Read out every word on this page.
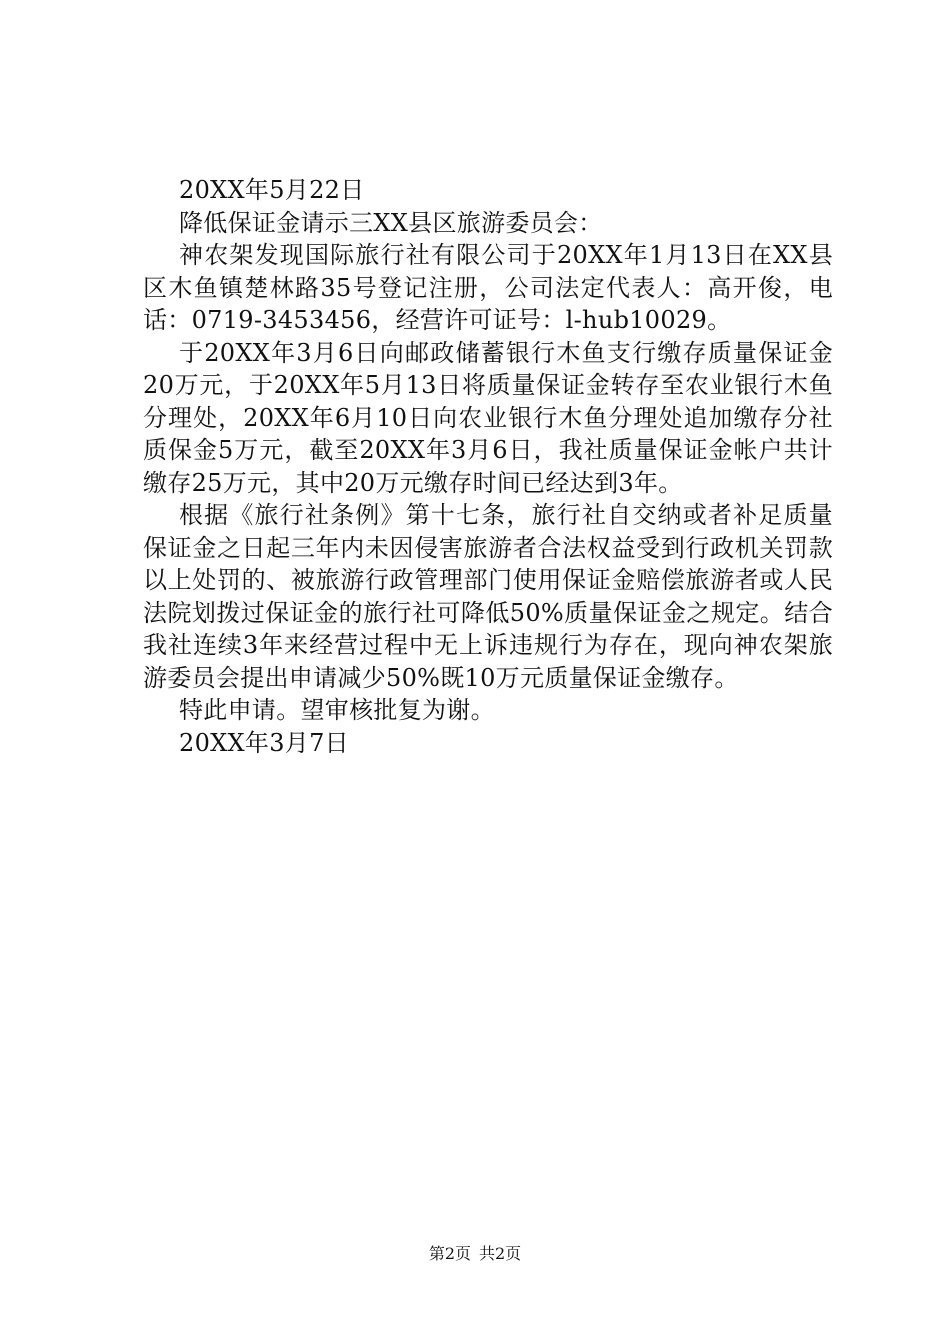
20XX年5月22日

降低保证金请示三XX县区旅游委员会：

神农架发现国际旅行社有限公司于20XX年1月13日在XX县区木鱼镇楚林路35号登记注册，公司法定代表人：高开俊，电话：0719-3453456，经营许可证号：l-hub10029。

于20XX年3月6日向邮政储蓄银行木鱼支行缴存质量保证金20万元，于20XX年5月13日将质量保证金转存至农业银行木鱼分理处，20XX年6月10日向农业银行木鱼分理处追加缴存分社质保金5万元，截至20XX年3月6日，我社质量保证金帐户共计缴存25万元，其中20万元缴存时间已经达到3年。

根据《旅行社条例》第十七条，旅行社自交纳或者补足质量保证金之日起三年内未因侵害旅游者合法权益受到行政机关罚款以上处罚的、被旅游行政管理部门使用保证金赔偿旅游者或人民法院划拨过保证金的旅行社可降低50%质量保证金之规定。结合我社连续3年来经营过程中无上诉违规行为存在，现向神农架旅游委员会提出申请减少50%既10万元质量保证金缴存。

特此申请。望审核批复为谢。

20XX年3月7日

第2页 共2页
